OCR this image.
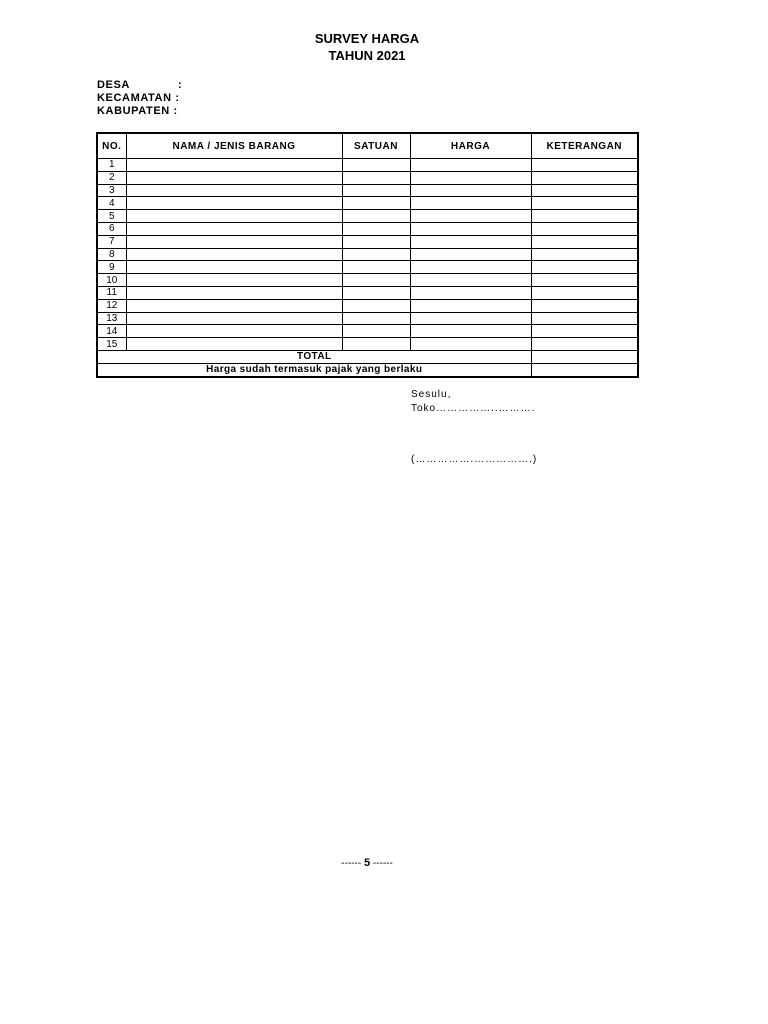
SURVEY HARGA
TAHUN 2021
DESA	:
KECAMATAN :
KABUPATEN :
NO.	NAMA / JENIS BARANG	SATUAN	HARGA	KETERANGAN
1				
2				
3				
4				
5				
6				
7				
8				
9				
10				
11				
12				
13				
14				
15				
TOTAL				
Harga sudah termasuk pajak yang berlaku				
Sesulu,
Toko……………..……….
(…………….…………….)
------ 5 ------
